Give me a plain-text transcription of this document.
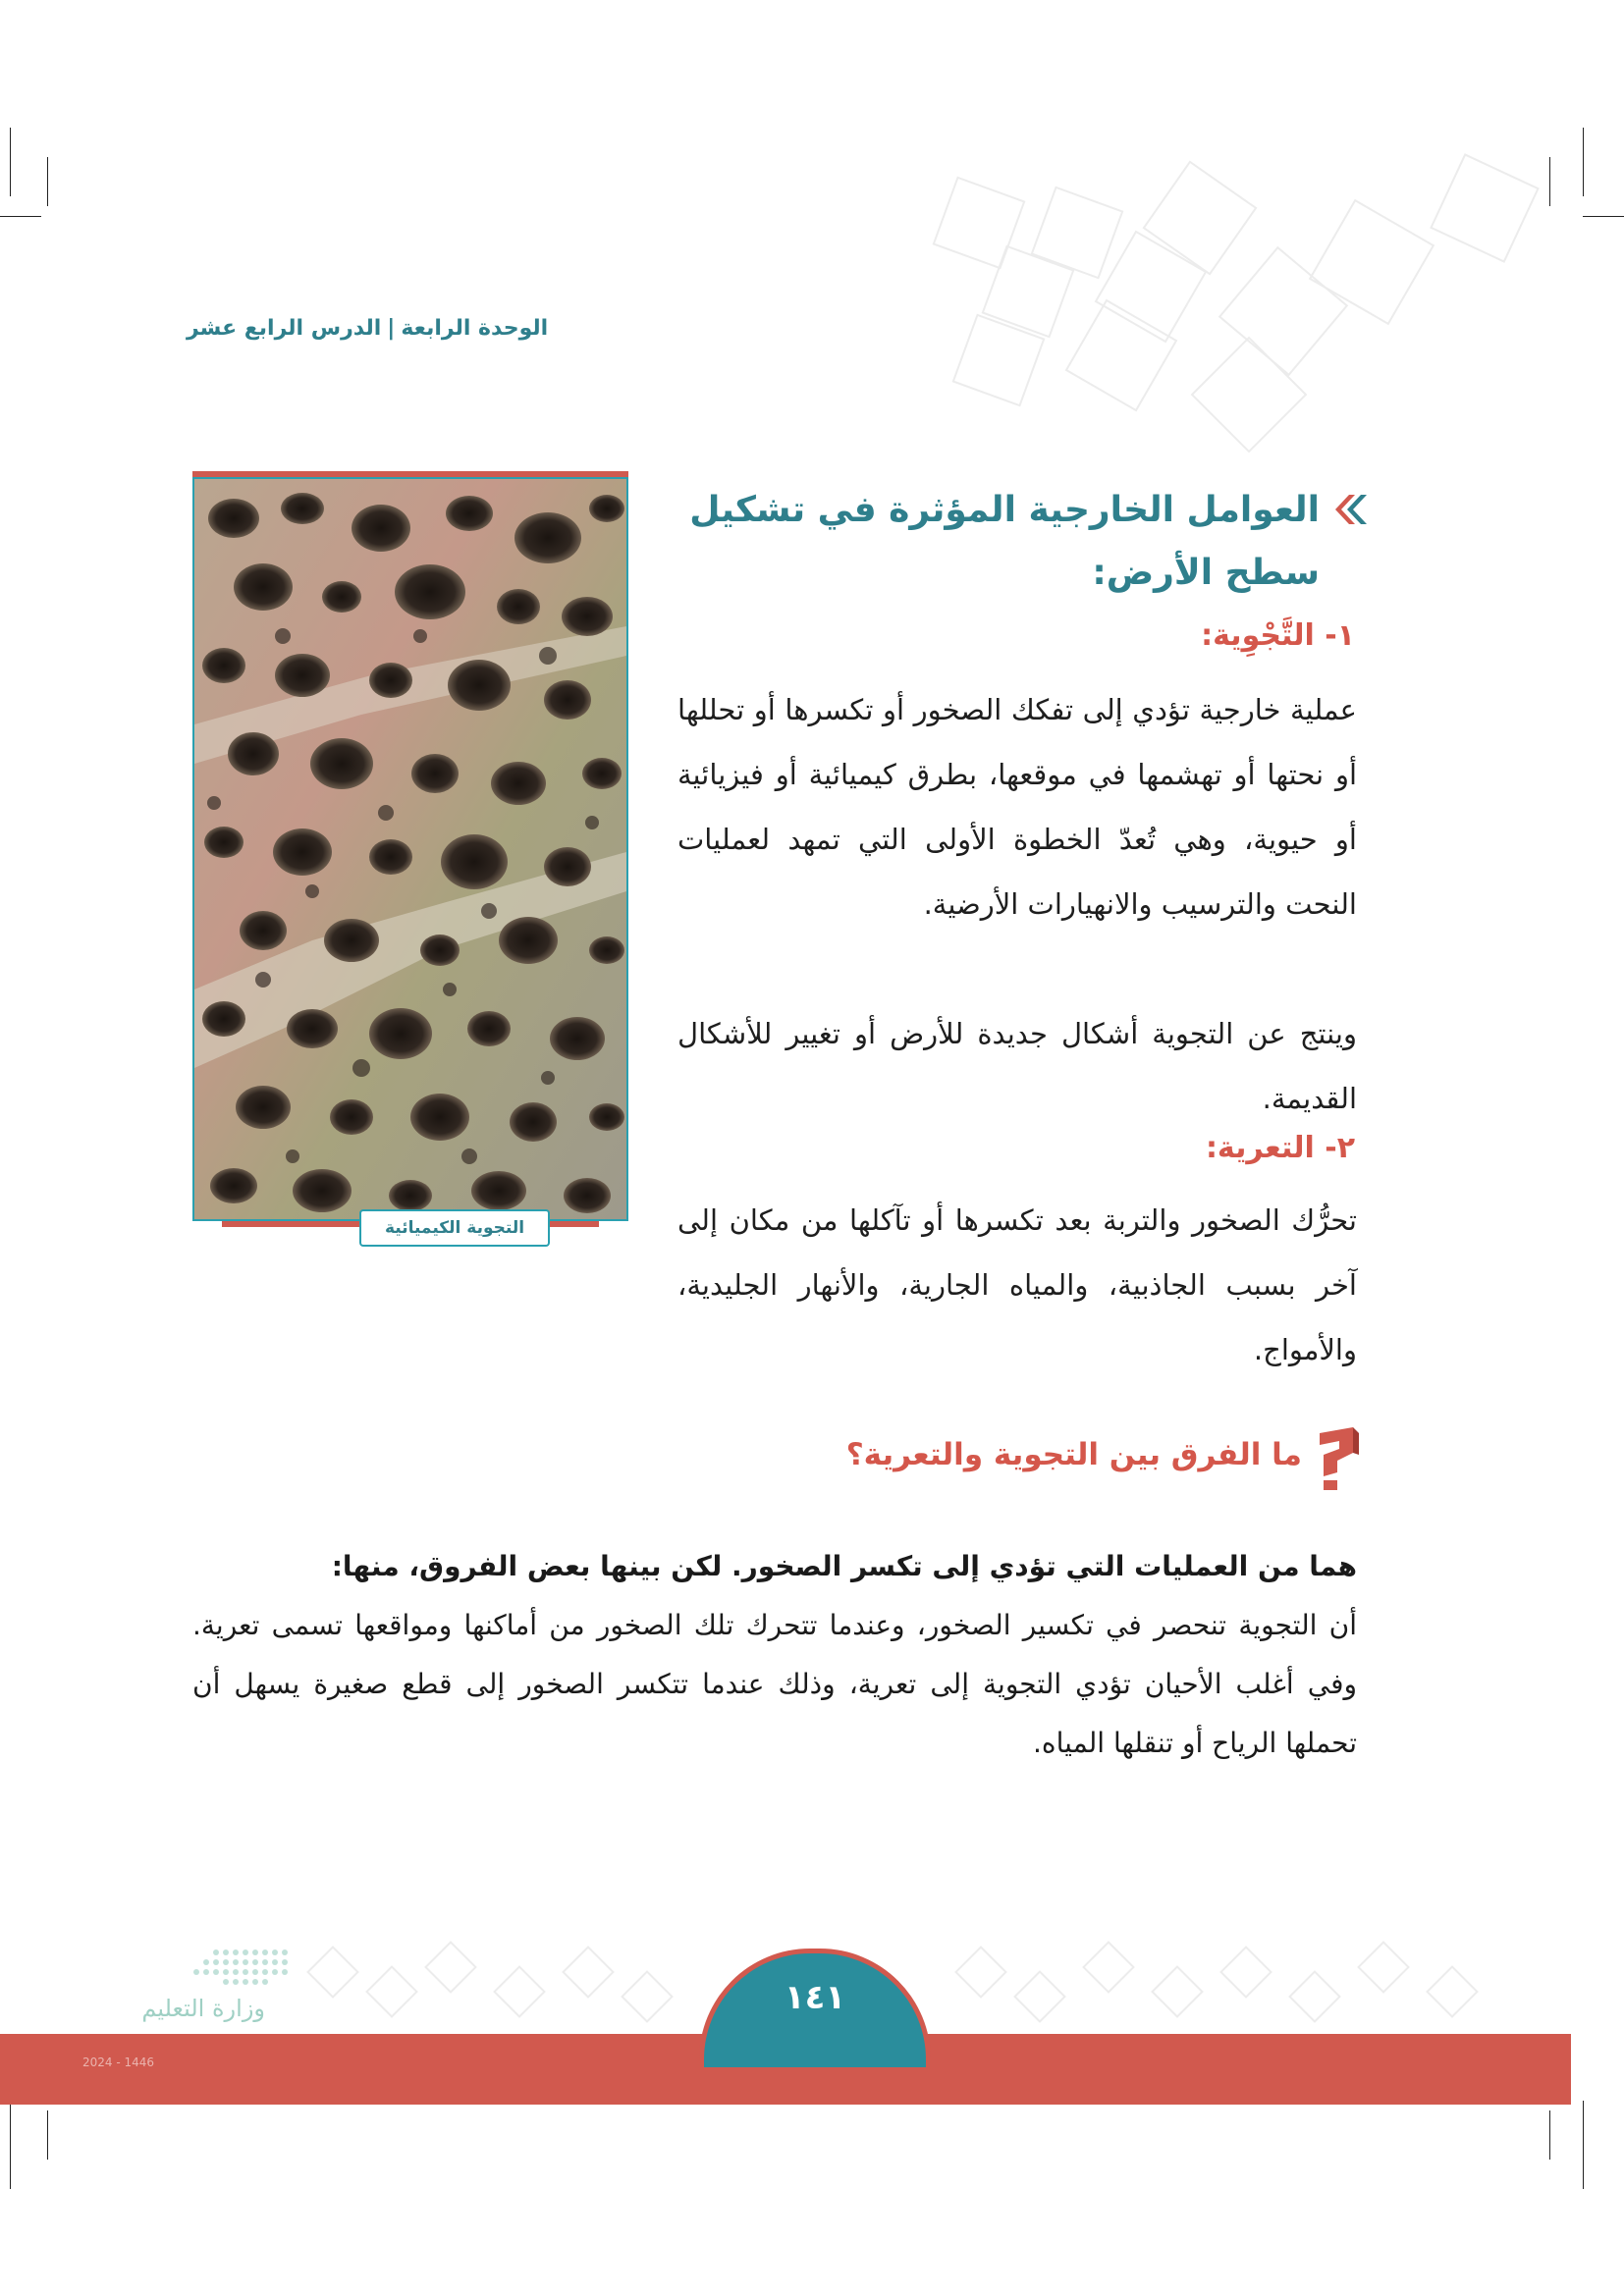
الوحدة الرابعة|الدرس الرابع عشر
التجوية الكيميائية
العوامل الخارجية المؤثرة في تشكيل سطح الأرض:
١- التَّجْوِية:

عملية خارجية تؤدي إلى تفكك الصخور أو تكسرها أو تحللها أو نحتها أو تهشمها في موقعها، بطرق كيميائية أو فيزيائية أو حيوية، وهي تُعدّ الخطوة الأولى التي تمهد لعمليات النحت والترسيب والانهيارات الأرضية.

وينتج عن التجوية أشكال جديدة للأرض أو تغيير للأشكال القديمة.

٢- التعرية:

تحرُّك الصخور والتربة بعد تكسرها أو تآكلها من مكان إلى آخر بسبب الجاذبية، والمياه الجارية، والأنهار الجليدية، والأمواج.

ما الفرق بين التجوية والتعرية؟

هما من العمليات التي تؤدي إلى تكسر الصخور. لكن بينها بعض الفروق، منها:

أن التجوية تنحصر في تكسير الصخور، وعندما تتحرك تلك الصخور من أماكنها ومواقعها تسمى تعرية. وفي أغلب الأحيان تؤدي التجوية إلى تعرية، وذلك عندما تتكسر الصخور إلى قطع صغيرة يسهل أن تحملها الرياح أو تنقلها المياه.

وزارة التعليم	١٤١
2024 - 1446
